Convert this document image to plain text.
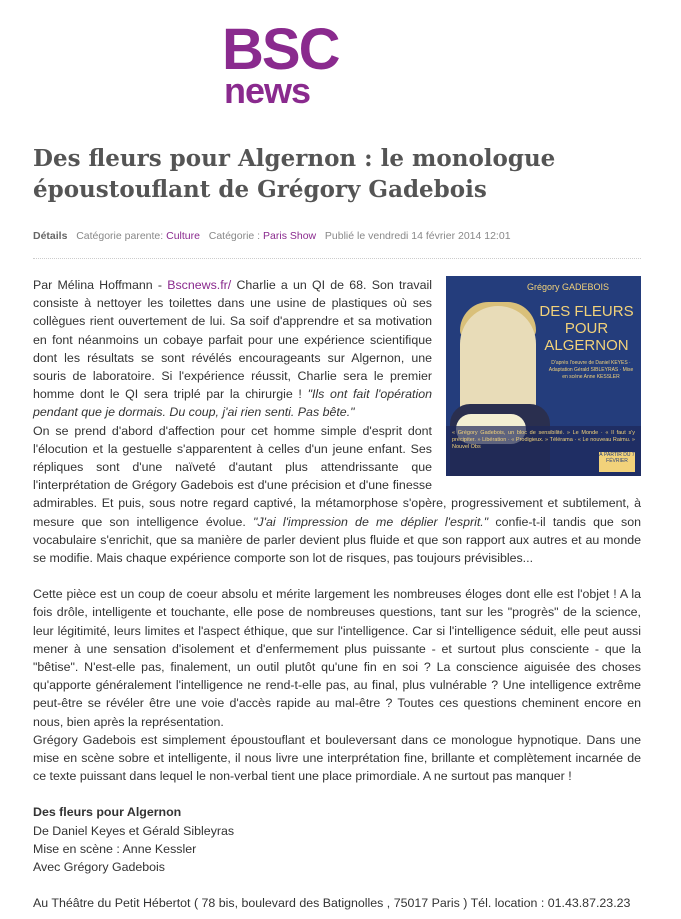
BSC
news
Des fleurs pour Algernon : le monologue époustouflant de Grégory Gadebois
Détails Catégorie parente: Culture Catégorie : Paris Show Publié le vendredi 14 février 2014 12:01
Grégory GADEBOIS
DES FLEURS
POUR
ALGERNON
D'après l'oeuvre de Daniel KEYES · Adaptation Gérald SIBLEYRAS · Mise en scène Anne KESSLER
« Grégory Gadebois, un bloc de sensibilité. » Le Monde · « Il faut s'y précipiter. » Libération · « Prodigieux. » Télérama · « Le nouveau Raimu. » Nouvel Obs
À PARTIR DU 7 FÉVRIER

Par Mélina Hoffmann - Bscnews.fr/ Charlie a un QI de 68. Son travail consiste à nettoyer les toilettes dans une usine de plastiques où ses collègues rient ouvertement de lui. Sa soif d'apprendre et sa motivation en font néanmoins un cobaye parfait pour une expérience scientifique dont les résultats se sont révélés encourageants sur Algernon, une souris de laboratoire. Si l'expérience réussit, Charlie sera le premier homme dont le QI sera triplé par la chirurgie ! "Ils ont fait l'opération pendant que je dormais. Du coup, j'ai rien senti. Pas bête."

On se prend d'abord d'affection pour cet homme simple d'esprit dont l'élocution et la gestuelle s'apparentent à celles d'un jeune enfant. Ses répliques sont d'une naïveté d'autant plus attendrissante que l'interprétation de Grégory Gadebois est d'une précision et d'une finesse admirables. Et puis, sous notre regard captivé, la métamorphose s'opère, progressivement et subtilement, à mesure que son intelligence évolue. "J'ai l'impression de me déplier l'esprit." confie-t-il tandis que son vocabulaire s'enrichit, que sa manière de parler devient plus fluide et que son rapport aux autres et au monde se modifie. Mais chaque expérience comporte son lot de risques, pas toujours prévisibles...

Cette pièce est un coup de coeur absolu et mérite largement les nombreuses éloges dont elle est l'objet ! A la fois drôle, intelligente et touchante, elle pose de nombreuses questions, tant sur les "progrès" de la science, leur légitimité, leurs limites et l'aspect éthique, que sur l'intelligence. Car si l'intelligence séduit, elle peut aussi mener à une sensation d'isolement et d'enfermement plus puissante - et surtout plus consciente - que la "bêtise". N'est-elle pas, finalement, un outil plutôt qu'une fin en soi ? La conscience aiguisée des choses qu'apporte généralement l'intelligence ne rend-t-elle pas, au final, plus vulnérable ? Une intelligence extrême peut-être se révéler être une voie d'accès rapide au mal-être ? Toutes ces questions cheminent encore en nous, bien après la représentation.

Grégory Gadebois est simplement époustouflant et bouleversant dans ce monologue hypnotique. Dans une mise en scène sobre et intelligente, il nous livre une interprétation fine, brillante et complètement incarnée de ce texte puissant dans lequel le non-verbal tient une place primordiale. A ne surtout pas manquer !

Des fleurs pour Algernon

De Daniel Keyes et Gérald Sibleyras

Mise en scène : Anne Kessler

Avec Grégory Gadebois

Au Théâtre du Petit Hébertot ( 78 bis, boulevard des Batignolles , 75017 Paris ) Tél. location : 01.43.87.23.23
